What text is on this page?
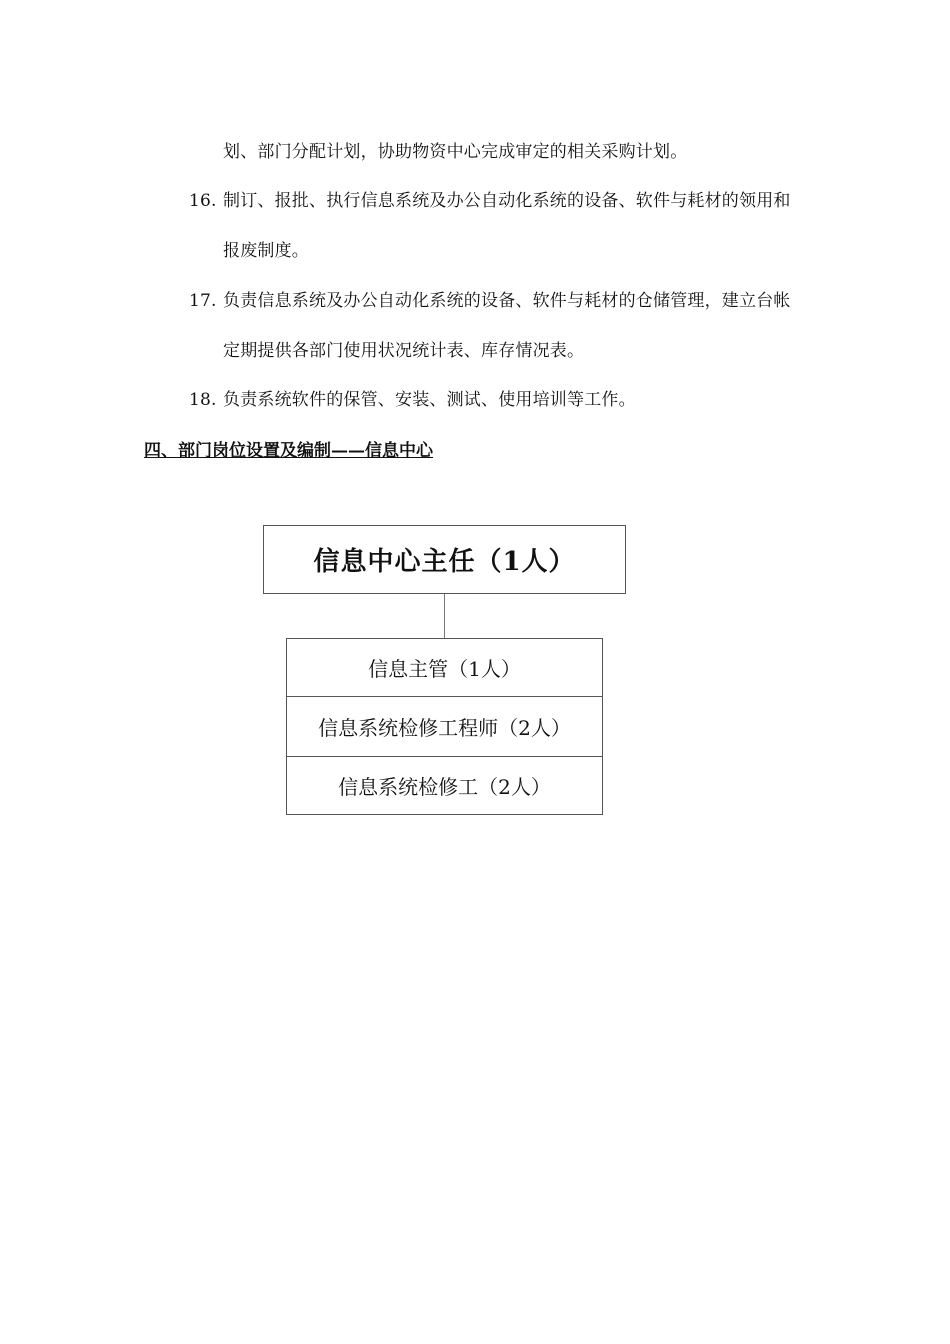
划、部门分配计划，协助物资中心完成审定的相关采购计划。
16. 制订、报批、执行信息系统及办公自动化系统的设备、软件与耗材的领用和
报废制度。
17. 负责信息系统及办公自动化系统的设备、软件与耗材的仓储管理，建立台帐
定期提供各部门使用状况统计表、库存情况表。
18. 负责系统软件的保管、安装、测试、使用培训等工作。
四、部门岗位设置及编制——信息中心
信息中心主任（1人）
信息主管（1人）
信息系统检修工程师（2人）
信息系统检修工（2人）
